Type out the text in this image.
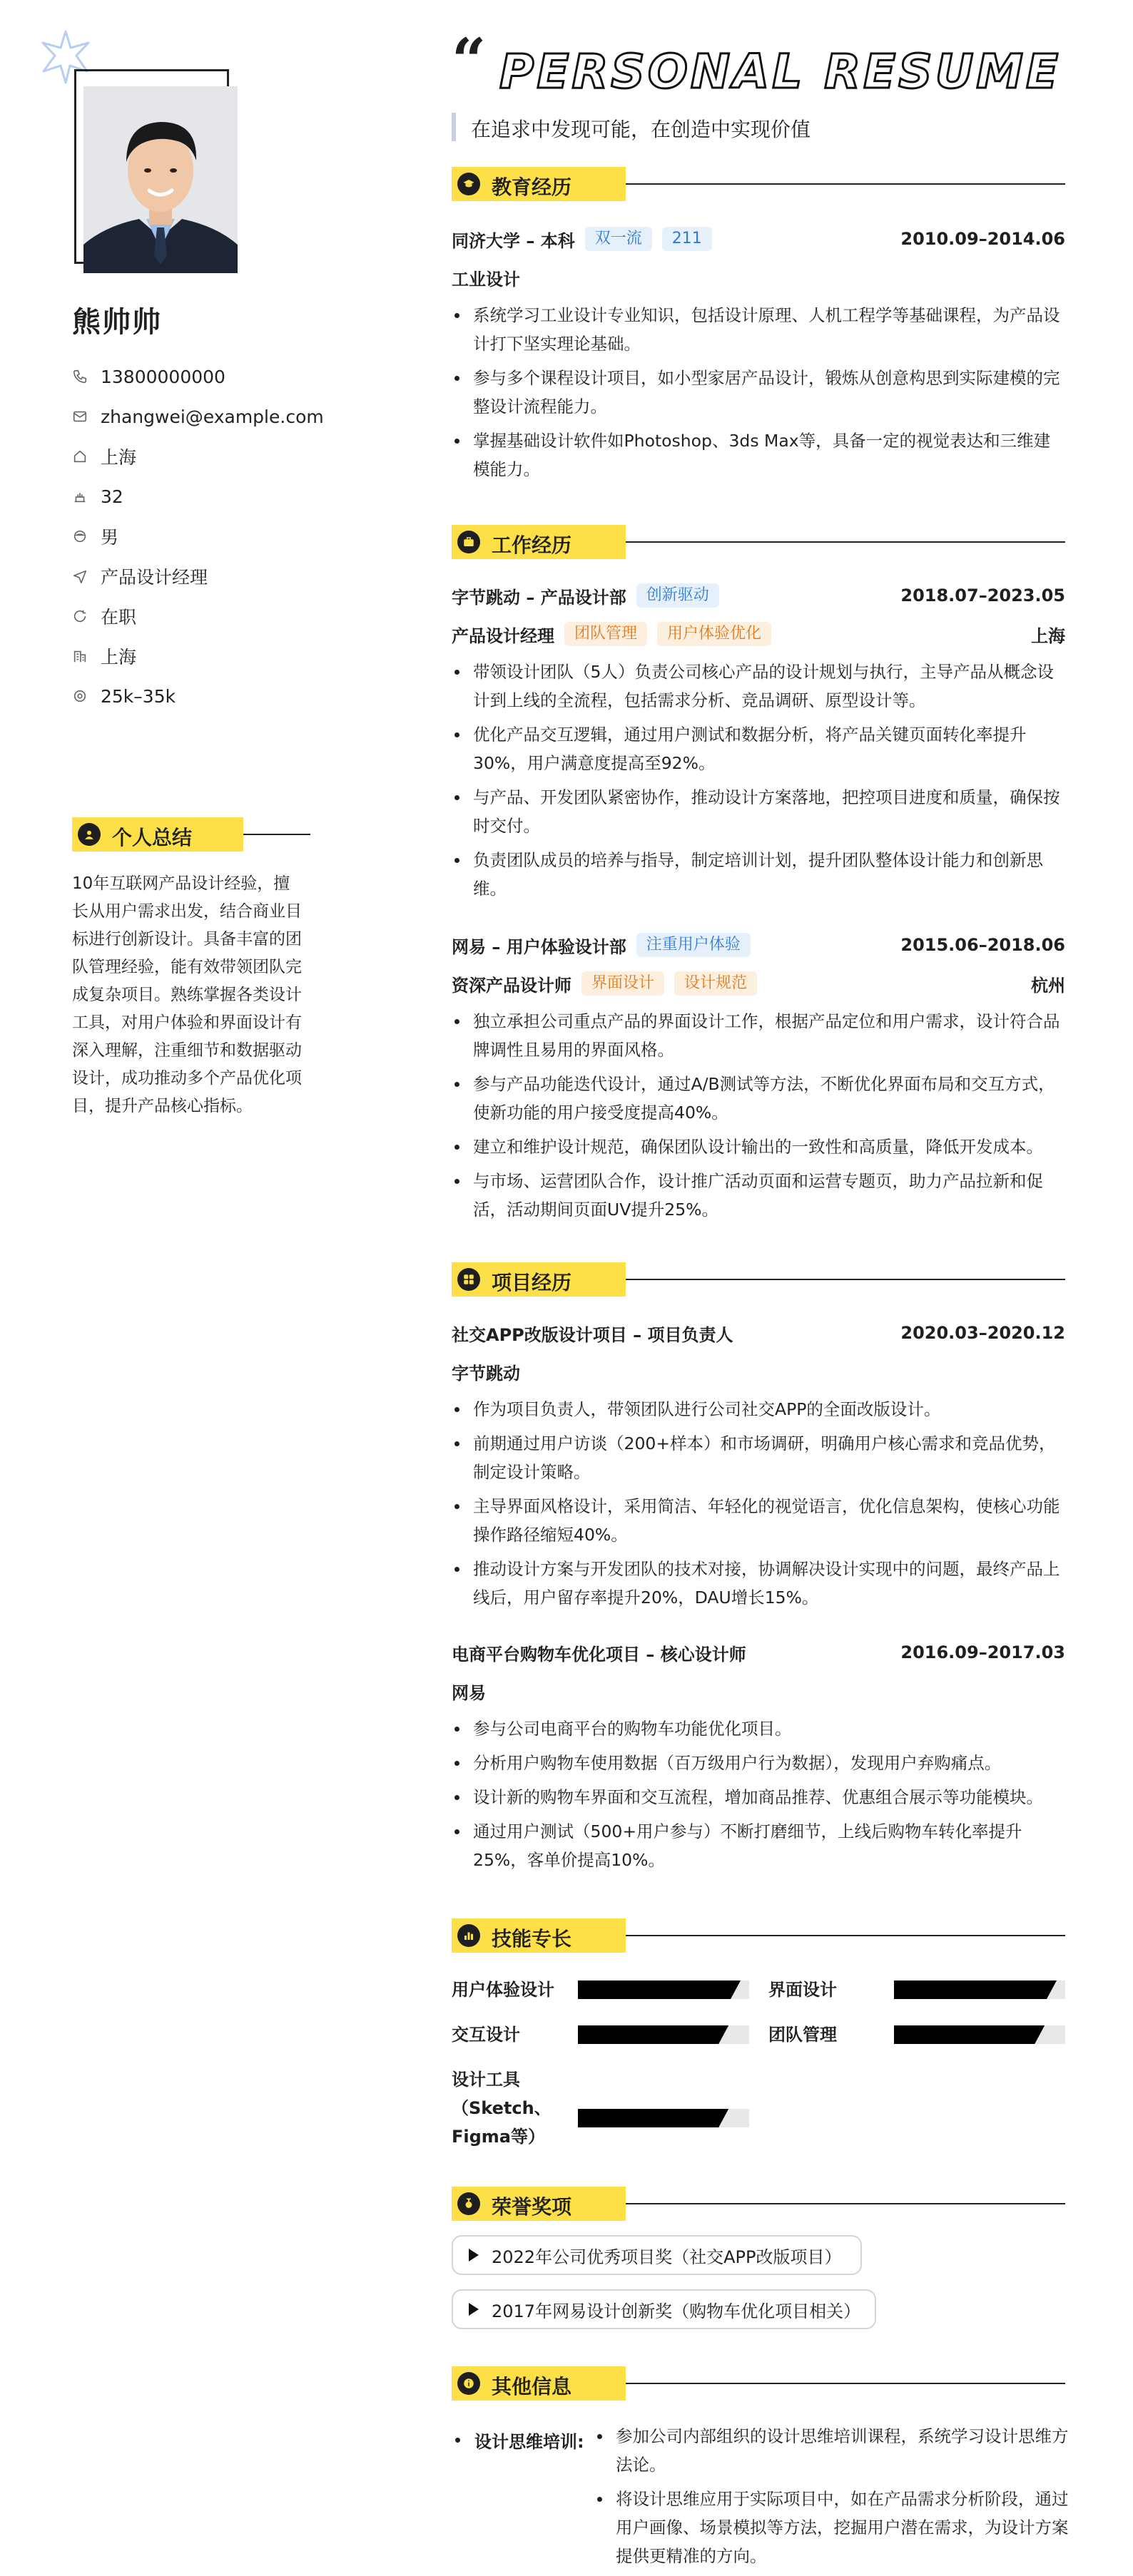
熊帅帅
13800000000
zhangwei@example.com
上海
32
男
产品设计经理
在职
上海
25k–35k
个人总结
10年互联网产品设计经验，擅长从用户需求出发，结合商业目标进行创新设计。具备丰富的团队管理经验，能有效带领团队完成复杂项目。熟练掌握各类设计工具，对用户体验和界面设计有深入理解，注重细节和数据驱动设计，成功推动多个产品优化项目，提升产品核心指标。
“ PERSONAL RESUME
在追求中发现可能，在创造中实现价值
教育经历
同济大学 – 本科	双一流	211	2010.09–2014.06
工业设计
系统学习工业设计专业知识，包括设计原理、人机工程学等基础课程，为产品设计打下坚实理论基础。
参与多个课程设计项目，如小型家居产品设计，锻炼从创意构思到实际建模的完整设计流程能力。
掌握基础设计软件如Photoshop、3ds Max等，具备一定的视觉表达和三维建模能力。
工作经历
字节跳动 – 产品设计部	创新驱动	2018.07–2023.05
产品设计经理	团队管理	用户体验优化	上海
带领设计团队（5人）负责公司核心产品的设计规划与执行，主导产品从概念设计到上线的全流程，包括需求分析、竞品调研、原型设计等。
优化产品交互逻辑，通过用户测试和数据分析，将产品关键页面转化率提升30%，用户满意度提高至92%。
与产品、开发团队紧密协作，推动设计方案落地，把控项目进度和质量，确保按时交付。
负责团队成员的培养与指导，制定培训计划，提升团队整体设计能力和创新思维。
网易 – 用户体验设计部	注重用户体验	2015.06–2018.06
资深产品设计师	界面设计	设计规范	杭州
独立承担公司重点产品的界面设计工作，根据产品定位和用户需求，设计符合品牌调性且易用的界面风格。
参与产品功能迭代设计，通过A/B测试等方法，不断优化界面布局和交互方式，使新功能的用户接受度提高40%。
建立和维护设计规范，确保团队设计输出的一致性和高质量，降低开发成本。
与市场、运营团队合作，设计推广活动页面和运营专题页，助力产品拉新和促活，活动期间页面UV提升25%。
项目经历
社交APP改版设计项目 – 项目负责人	2020.03–2020.12
字节跳动
作为项目负责人，带领团队进行公司社交APP的全面改版设计。
前期通过用户访谈（200+样本）和市场调研，明确用户核心需求和竞品优势，制定设计策略。
主导界面风格设计，采用简洁、年轻化的视觉语言，优化信息架构，使核心功能操作路径缩短40%。
推动设计方案与开发团队的技术对接，协调解决设计实现中的问题，最终产品上线后，用户留存率提升20%，DAU增长15%。
电商平台购物车优化项目 – 核心设计师	2016.09–2017.03
网易
参与公司电商平台的购物车功能优化项目。
分析用户购物车使用数据（百万级用户行为数据），发现用户弃购痛点。
设计新的购物车界面和交互流程，增加商品推荐、优惠组合展示等功能模块。
通过用户测试（500+用户参与）不断打磨细节，上线后购物车转化率提升25%，客单价提高10%。
技能专长
用户体验设计	界面设计
交互设计	团队管理
设计工具
（Sketch、
Figma等）
荣誉奖项
2022年公司优秀项目奖（社交APP改版项目）
2017年网易设计创新奖（购物车优化项目相关）
其他信息
设计思维培训:	参加公司内部组织的设计思维培训课程，系统学习设计思维方法论。
将设计思维应用于实际项目中，如在产品需求分析阶段，通过用户画像、场景模拟等方法，挖掘用户潜在需求，为设计方案提供更精准的方向。
